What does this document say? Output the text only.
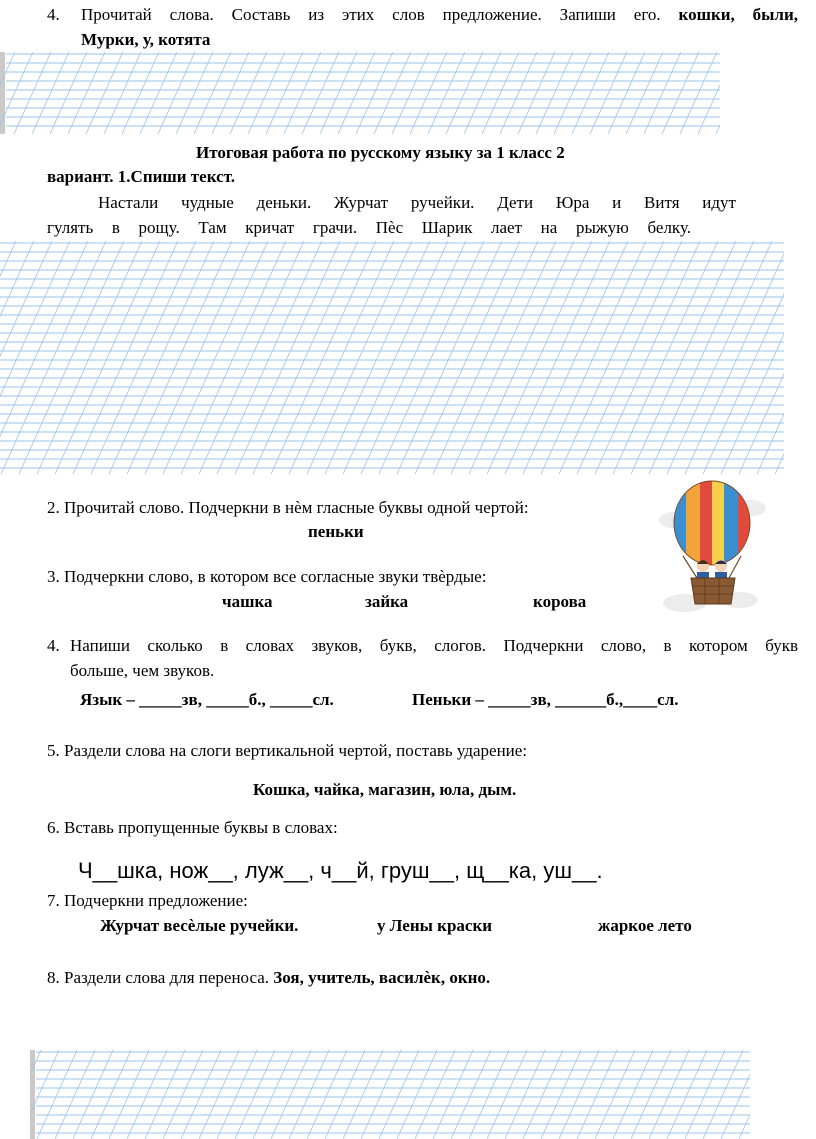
4. Прочитай слова. Составь из этих слов предложение. Запиши его. кошки, были,
Мурки, у, котята
Итоговая работа по русскому языку за 1 класс 2
вариант. 1.Спиши текст.
Настали чудные деньки. Журчат ручейки. Дети Юра и Витя идут
гулять в рощу. Там кричат грачи. Пѐс Шарик лает на рыжую белку.
2. Прочитай слово. Подчеркни в нѐм гласные буквы одной чертой:
пеньки
3. Подчеркни слово, в котором все согласные звуки твѐрдые:
чашка	зайка	корова
4. Напиши сколько в словах звуков, букв, слогов. Подчеркни слово, в котором букв
больше, чем звуков.
Язык – _____зв, _____б., _____сл.	Пеньки – _____зв, ______б.,____сл.
5. Раздели слова на слоги вертикальной чертой, поставь ударение:
Кошка, чайка, магазин, юла, дым.
6. Вставь пропущенные буквы в словах:
Ч__шка, нож__, луж__, ч__й, груш__, щ__ка, уш__.
7. Подчеркни предложение:
Журчат весѐлые ручейки.	у Лены краски	жаркое лето
8. Раздели слова для переноса. Зоя, учитель, василѐк, окно.
